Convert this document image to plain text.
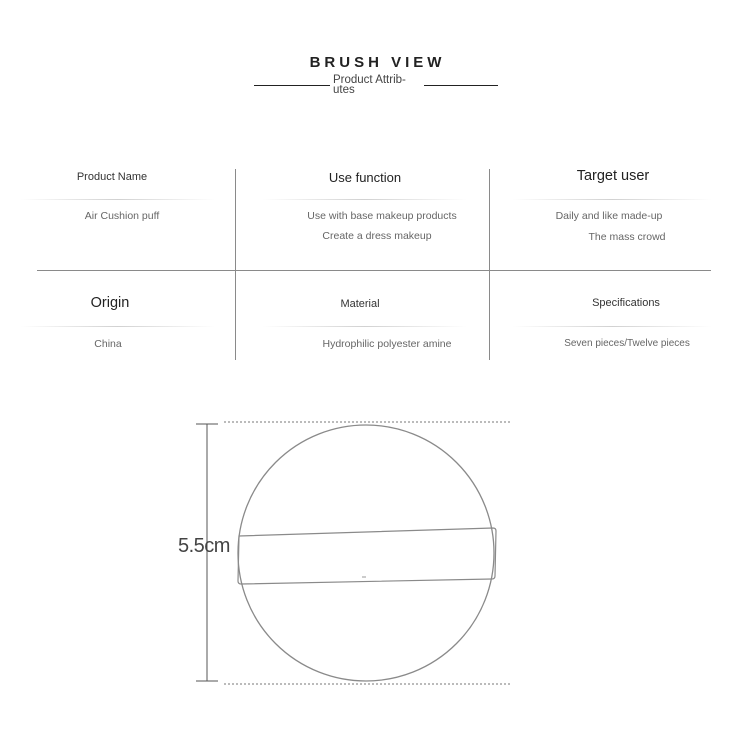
BRUSH VIEW
Product Attrib- utes
Product Name
Air Cushion puff
Use function
Use with base makeup products
Create a dress makeup
Target user
Daily and like made-up
The mass crowd
Origin
China
Material
Hydrophilic polyester amine
Specifications
Seven pieces/Twelve pieces
5.5cm
